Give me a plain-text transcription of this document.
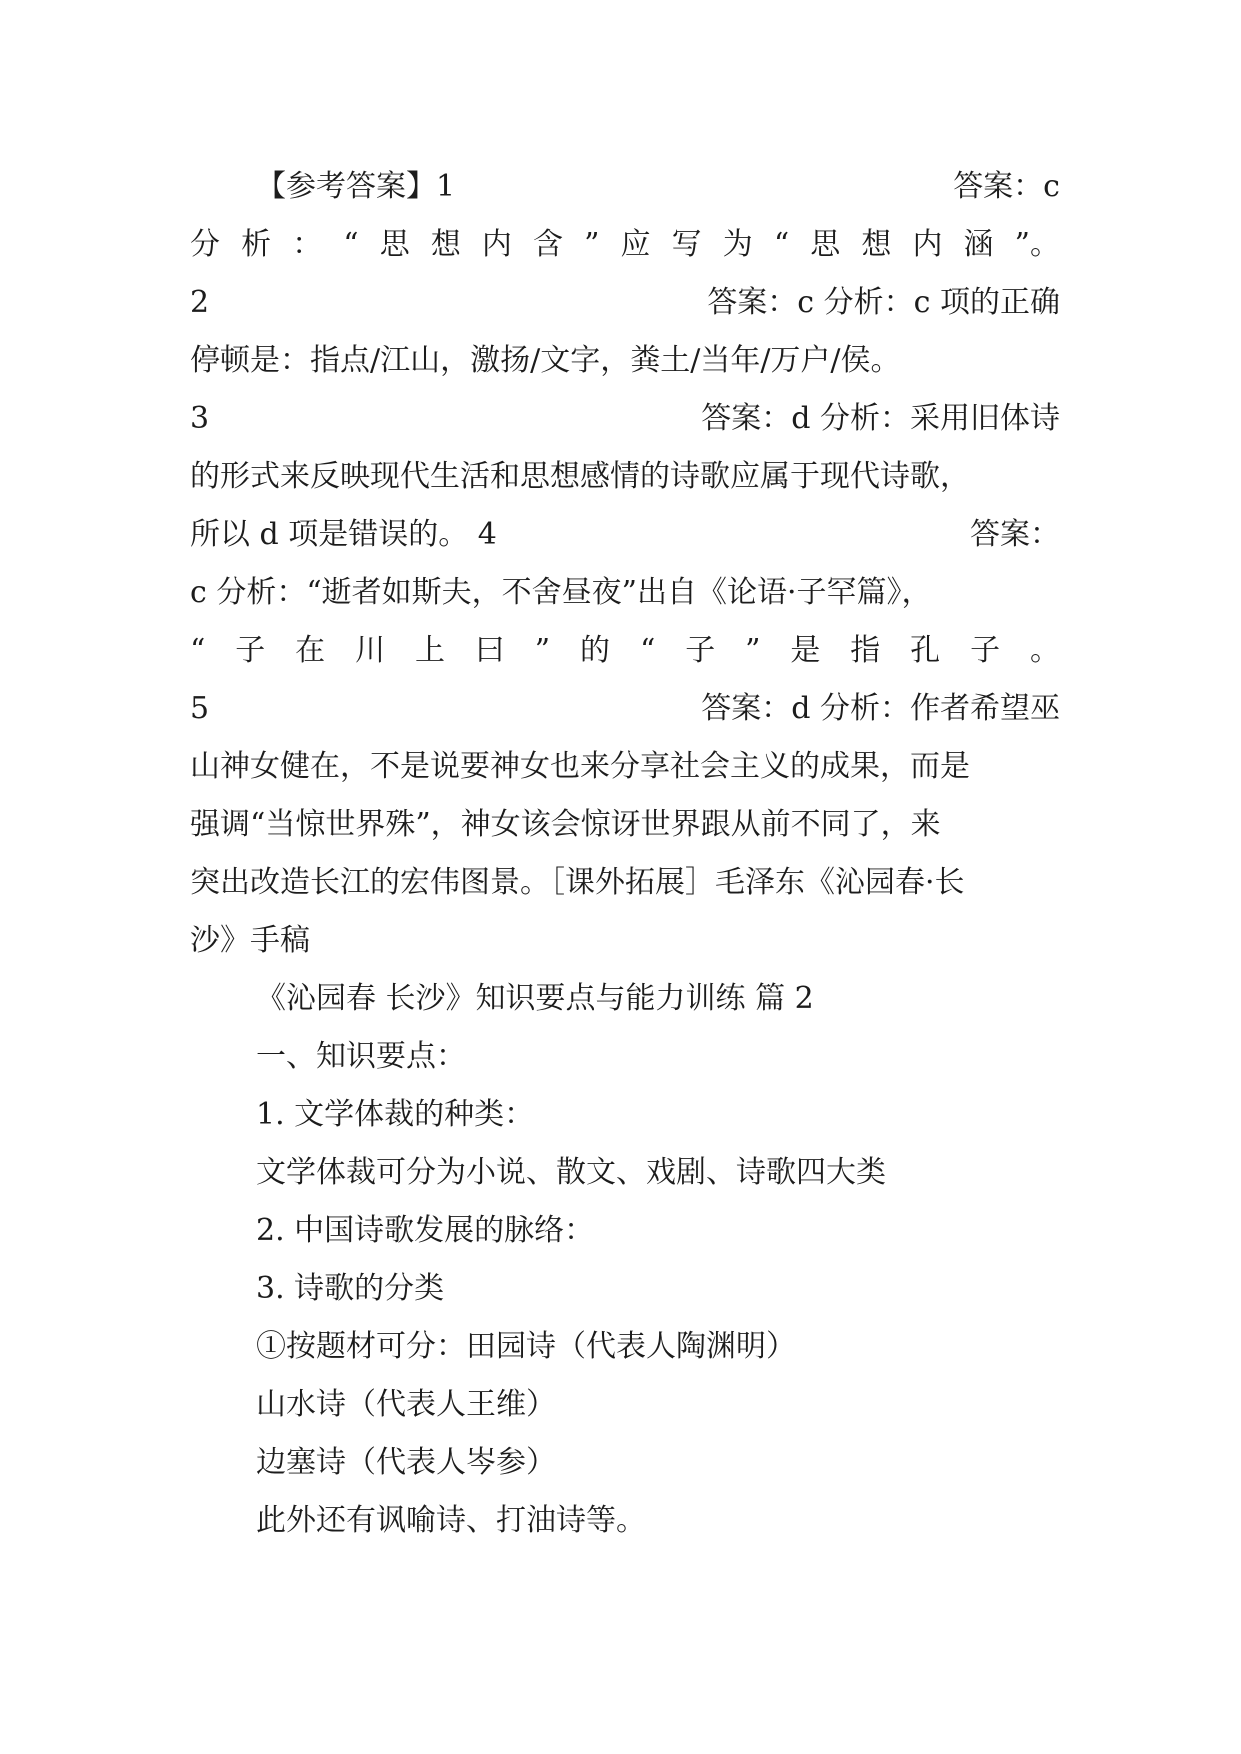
【参考答案】1	答案：c
分 析 ： “ 思 想 内 含 ” 应 写 为 “ 思 想 内 涵 ”。
2	答案：c 分析：c 项的正确
停顿是：指点/江山，激扬/文字，粪土/当年/万户/侯。
3	答案：d 分析：采用旧体诗
的形式来反映现代生活和思想感情的诗歌应属于现代诗歌，
所以 d 项是错误的。 4	答案：
c 分析：“逝者如斯夫，不舍昼夜”出自《论语·子罕篇》，
“ 子 在 川 上 曰 ” 的 “ 子 ” 是 指 孔 子 。
5	答案：d 分析：作者希望巫
山神女健在，不是说要神女也来分享社会主义的成果，而是
强调“当惊世界殊”，神女该会惊讶世界跟从前不同了，来
突出改造长江的宏伟图景。［课外拓展］毛泽东《沁园春·长
沙》手稿
《沁园春 长沙》知识要点与能力训练 篇 2
一、知识要点：
1. 文学体裁的种类：
文学体裁可分为小说、散文、戏剧、诗歌四大类
2. 中国诗歌发展的脉络：
3. 诗歌的分类
①按题材可分：田园诗（代表人陶渊明）
山水诗（代表人王维）
边塞诗（代表人岑参）
此外还有讽喻诗、打油诗等。
